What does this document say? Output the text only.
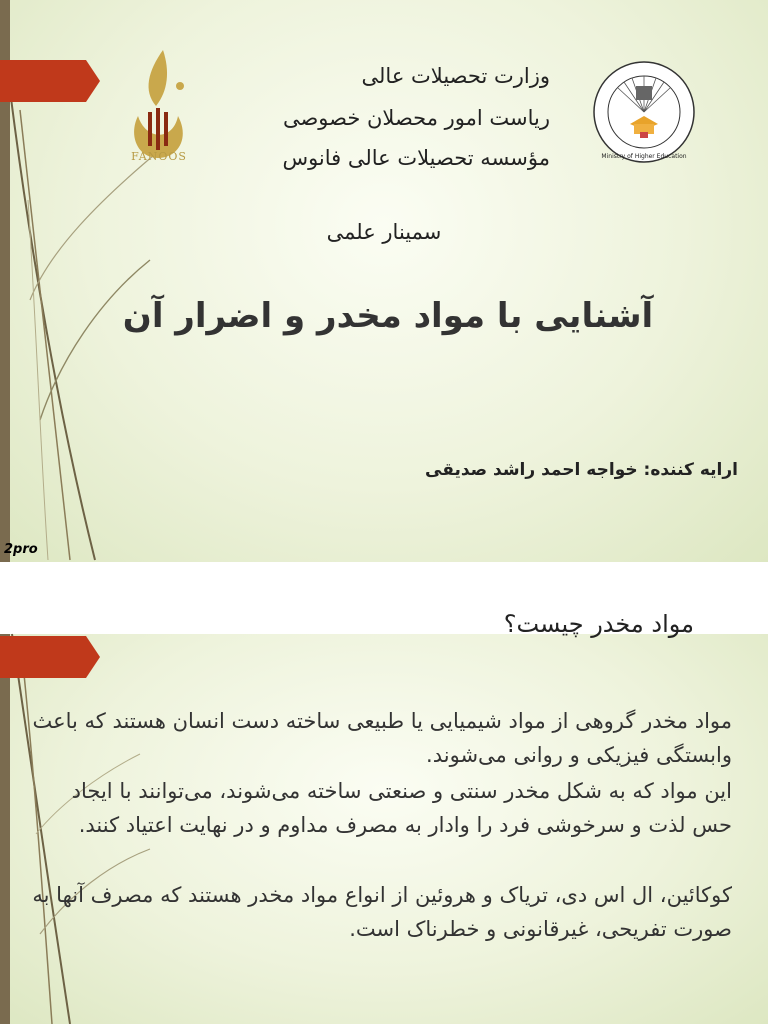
FANOOS
وزارت تحصیلات عالی
ریاست امور محصلان خصوصی
مؤسسه تحصیلات عالی فانوس	Ministry of Higher Education
سمینار علمی
آشنایی با مواد مخدر و اضرار آن
ارایه کننده: خواجه احمد راشد صدیقی
2pro
مواد مخدر چیست؟
مواد مخدر گروهی از مواد شیمیایی یا طبیعی ساخته دست انسان هستند که باعث وابستگی فیزیکی و روانی می‌شوند.
این مواد که به شکل مخدر سنتی و صنعتی ساخته می‌شوند، می‌توانند با ایجاد حس لذت و سرخوشی فرد را وادار به مصرف مداوم و در نهایت اعتیاد کنند.
کوکائین، ال اس دی، تریاک و هروئین از انواع مواد مخدر هستند که مصرف آنها به صورت تفریحی، غیرقانونی و خطرناک است.
